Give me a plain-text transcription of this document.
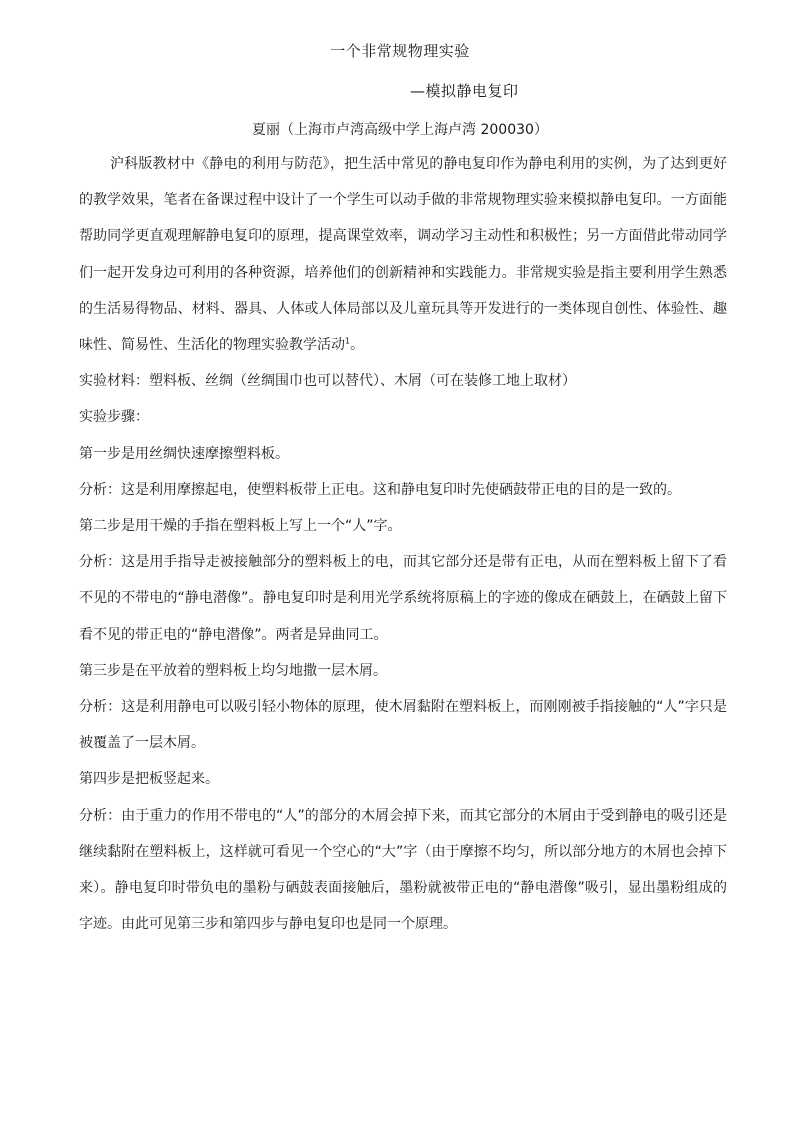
一个非常规物理实验
—模拟静电复印
夏丽（上海市卢湾高级中学上海卢湾 200030）

沪科版教材中《静电的利用与防范》，把生活中常见的静电复印作为静电利用的实例，为了达到更好的教学效果，笔者在备课过程中设计了一个学生可以动手做的非常规物理实验来模拟静电复印。一方面能帮助同学更直观理解静电复印的原理，提高课堂效率，调动学习主动性和积极性；另一方面借此带动同学们一起开发身边可利用的各种资源，培养他们的创新精神和实践能力。非常规实验是指主要利用学生熟悉的生活易得物品、材料、器具、人体或人体局部以及儿童玩具等开发进行的一类体现自创性、体验性、趣味性、简易性、生活化的物理实验教学活动$^1$。

实验材料：塑料板、丝绸（丝绸围巾也可以替代）、木屑（可在装修工地上取材）

实验步骤：

第一步是用丝绸快速摩擦塑料板。

分析：这是利用摩擦起电，使塑料板带上正电。这和静电复印时先使硒鼓带正电的目的是一致的。

第二步是用干燥的手指在塑料板上写上一个“人”字。

分析：这是用手指导走被接触部分的塑料板上的电，而其它部分还是带有正电，从而在塑料板上留下了看不见的不带电的“静电潜像”。静电复印时是利用光学系统将原稿上的字迹的像成在硒鼓上，在硒鼓上留下看不见的带正电的“静电潜像”。两者是异曲同工。

第三步是在平放着的塑料板上均匀地撒一层木屑。

分析：这是利用静电可以吸引轻小物体的原理，使木屑黏附在塑料板上，而刚刚被手指接触的“人”字只是被覆盖了一层木屑。

第四步是把板竖起来。

分析：由于重力的作用不带电的“人”的部分的木屑会掉下来，而其它部分的木屑由于受到静电的吸引还是继续黏附在塑料板上，这样就可看见一个空心的“大”字（由于摩擦不均匀，所以部分地方的木屑也会掉下来）。静电复印时带负电的墨粉与硒鼓表面接触后，墨粉就被带正电的“静电潜像”吸引，显出墨粉组成的字迹。由此可见第三步和第四步与静电复印也是同一个原理。
